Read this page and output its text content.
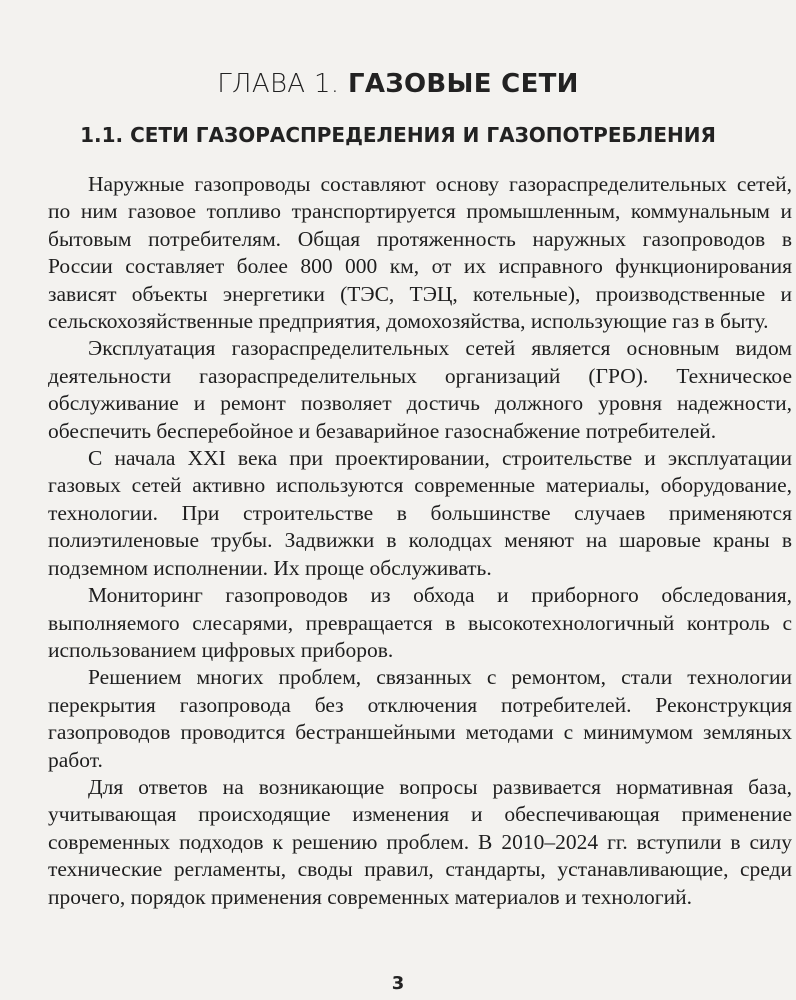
ГЛАВА 1. ГАЗОВЫЕ СЕТИ
1.1. СЕТИ ГАЗОРАСПРЕДЕЛЕНИЯ И ГАЗОПОТРЕБЛЕНИЯ

Наружные газопроводы составляют основу газораспределительных сетей, по ним газовое топливо транспортируется промышленным, коммунальным и бытовым потребителям. Общая протяженность наружных газопроводов в России составляет более 800 000 км, от их исправного функционирования зависят объекты энергетики (ТЭС, ТЭЦ, котельные), производственные и сельскохозяйственные предприятия, домохозяйства, использующие газ в быту.

Эксплуатация газораспределительных сетей является основным видом деятельности газораспределительных организаций (ГРО). Техническое обслуживание и ремонт позволяет достичь должного уровня надежности, обеспечить бесперебойное и безаварийное газоснабжение потребителей.

С начала XXI века при проектировании, строительстве и эксплуатации газовых сетей активно используются современные материалы, оборудование, технологии. При строительстве в большинстве случаев применяются полиэтиленовые трубы. Задвижки в колодцах меняют на шаровые краны в подземном исполнении. Их проще обслуживать.

Мониторинг газопроводов из обхода и приборного обследования, выполняемого слесарями, превращается в высокотехнологичный контроль с использованием цифровых приборов.

Решением многих проблем, связанных с ремонтом, стали технологии перекрытия газопровода без отключения потребителей. Реконструкция газопроводов проводится бестраншейными методами с минимумом земляных работ.

Для ответов на возникающие вопросы развивается нормативная база, учитывающая происходящие изменения и обеспечивающая применение современных подходов к решению проблем. В 2010–2024 гг. вступили в силу технические регламенты, своды правил, стандарты, устанавливающие, среди прочего, порядок применения современных материалов и технологий.

3
